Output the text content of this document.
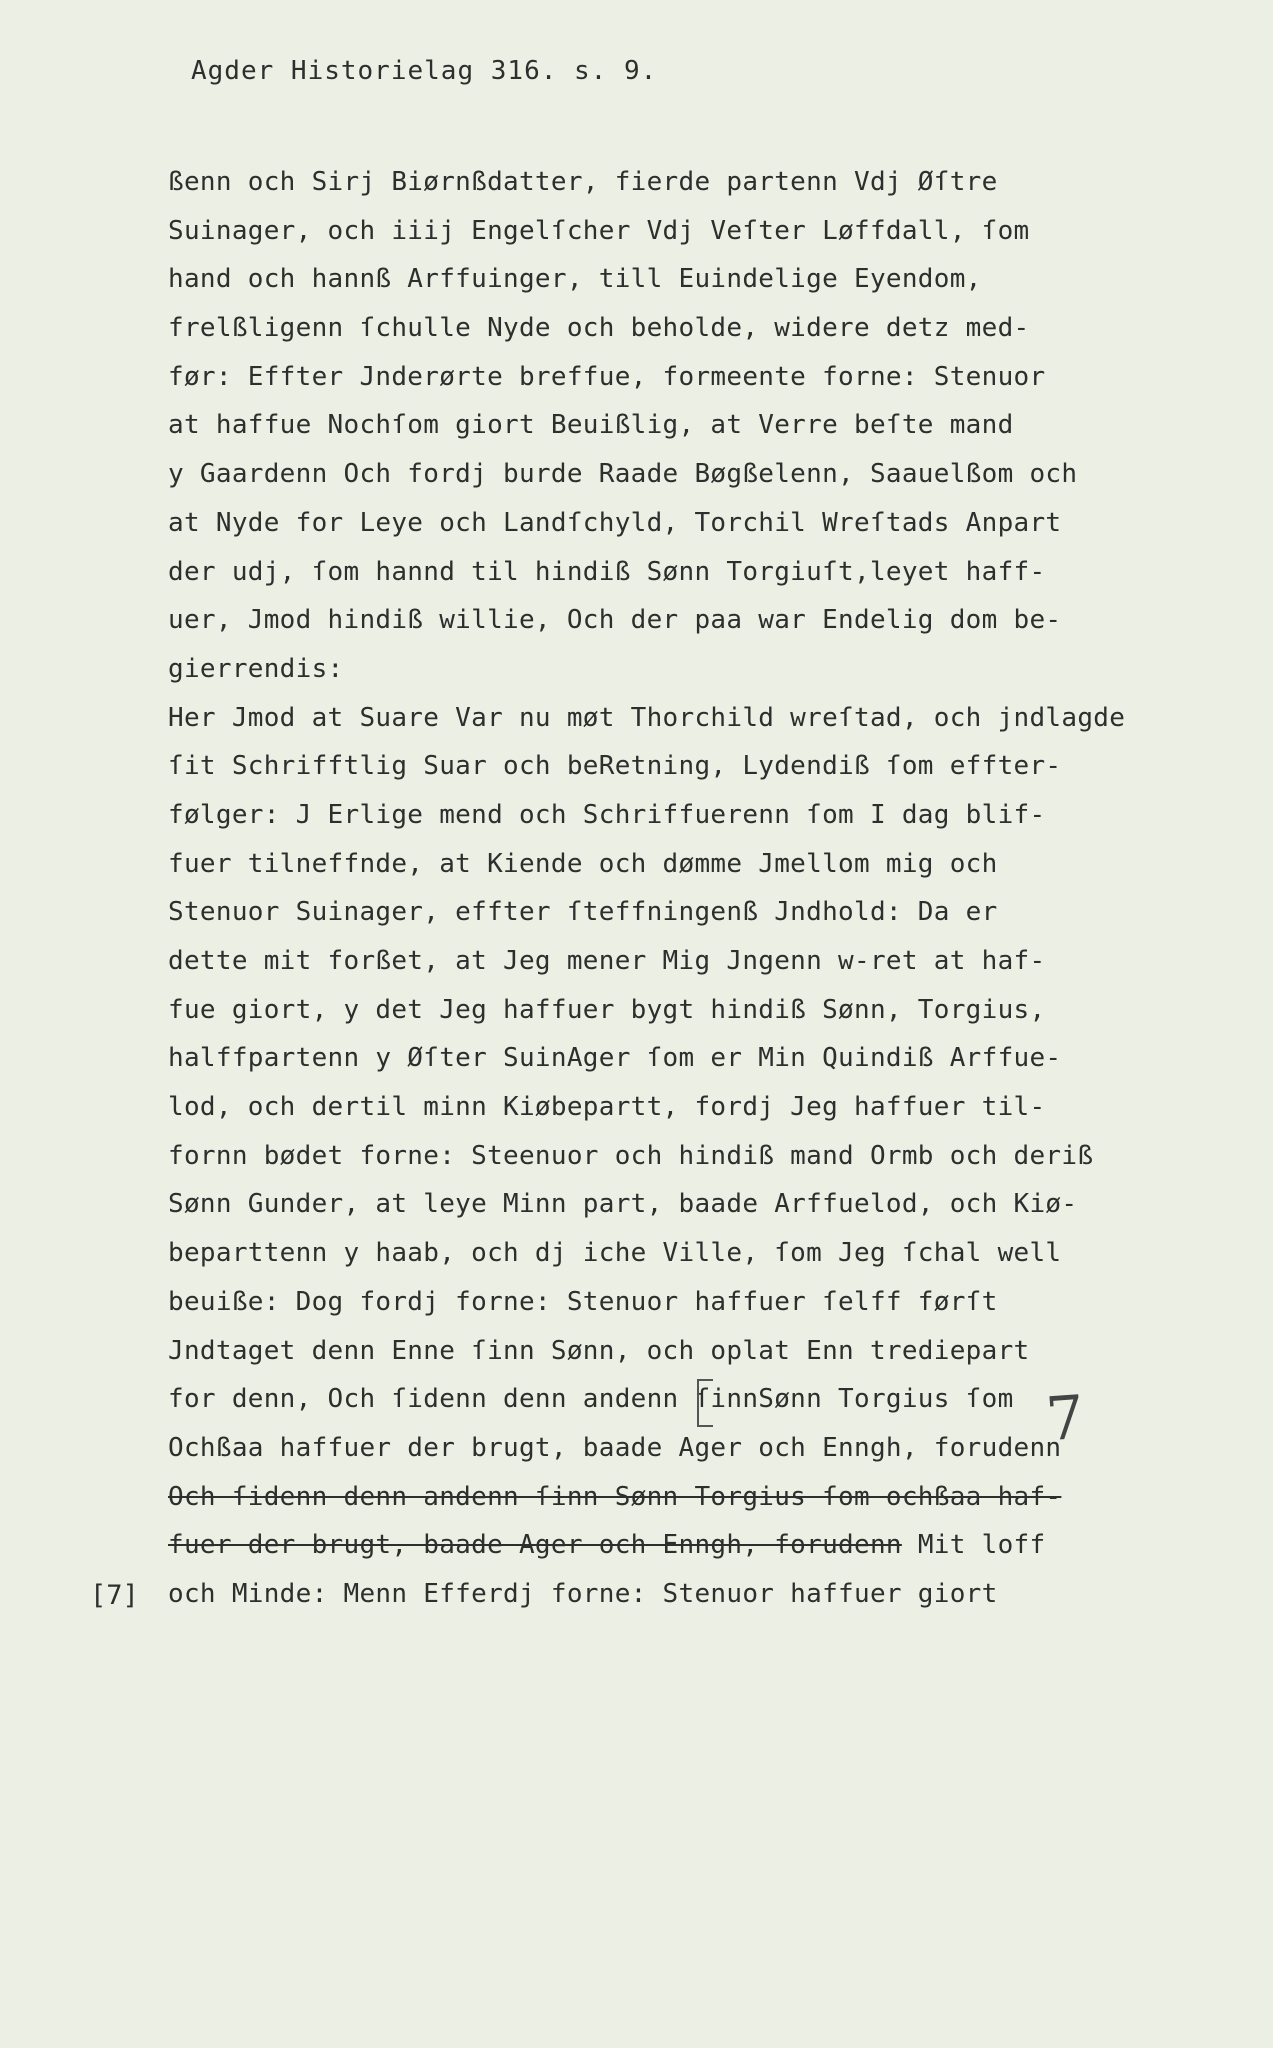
Agder Historielag 316. s. 9.
ßenn och Sirj Biørnßdatter, fierde partenn Vdj Øſtre
Suinager, och iiij Engelſcher Vdj Veſter Løffdall, ſom
hand och hannß Arffuinger, till Euindelige Eyendom,
frelßligenn ſchulle Nyde och beholde, widere detz med-
før: Effter Jnderørte breffue, formeente forne: Stenuor
at haffue Nochſom giort Beuißlig, at Verre beſte mand
y Gaardenn Och fordj burde Raade Bøgßelenn, Saauelßom och
at Nyde for Leye och Landſchyld, Torchil Wreſtads Anpart
der udj, ſom hannd til hindiß Sønn Torgiuſt,leyet haff-
uer, Jmod hindiß willie, Och der paa war Endelig dom be-
gierrendis:
Her Jmod at Suare Var nu møt Thorchild wreſtad, och jndlagde
ſit Schrifftlig Suar och beRetning, Lydendiß ſom effter-
følger: J Erlige mend och Schriffuerenn ſom I dag blif-
fuer tilneffnde, at Kiende och dømme Jmellom mig och
Stenuor Suinager, effter ſteffningenß Jndhold: Da er
dette mit forßet, at Jeg mener Mig Jngenn w-ret at haf-
fue giort, y det Jeg haffuer bygt hindiß Sønn, Torgius,
halffpartenn y Øſter SuinAger ſom er Min Quindiß Arffue-
lod, och dertil minn Kiøbepartt, fordj Jeg haffuer til-
fornn bødet forne: Steenuor och hindiß mand Ormb och deriß
Sønn Gunder, at leye Minn part, baade Arffuelod, och Kiø-
beparttenn y haab, och dj iche Ville, ſom Jeg ſchal well
beuiße: Dog fordj forne: Stenuor haffuer ſelff førſt
Jndtaget denn Enne ſinn Sønn, och oplat Enn trediepart
for denn, Och ſidenn denn andenn ſinnSønn Torgius ſom
Ochßaa haffuer der brugt, baade Ager och Enngh, forudenn
Och ſidenn denn andenn ſinn Sønn Torgius ſom ochßaa haf-
fuer der brugt, baade Ager och Enngh, forudenn Mit loff
och Minde: Menn Efferdj forne: Stenuor haffuer giort
[7]
7
